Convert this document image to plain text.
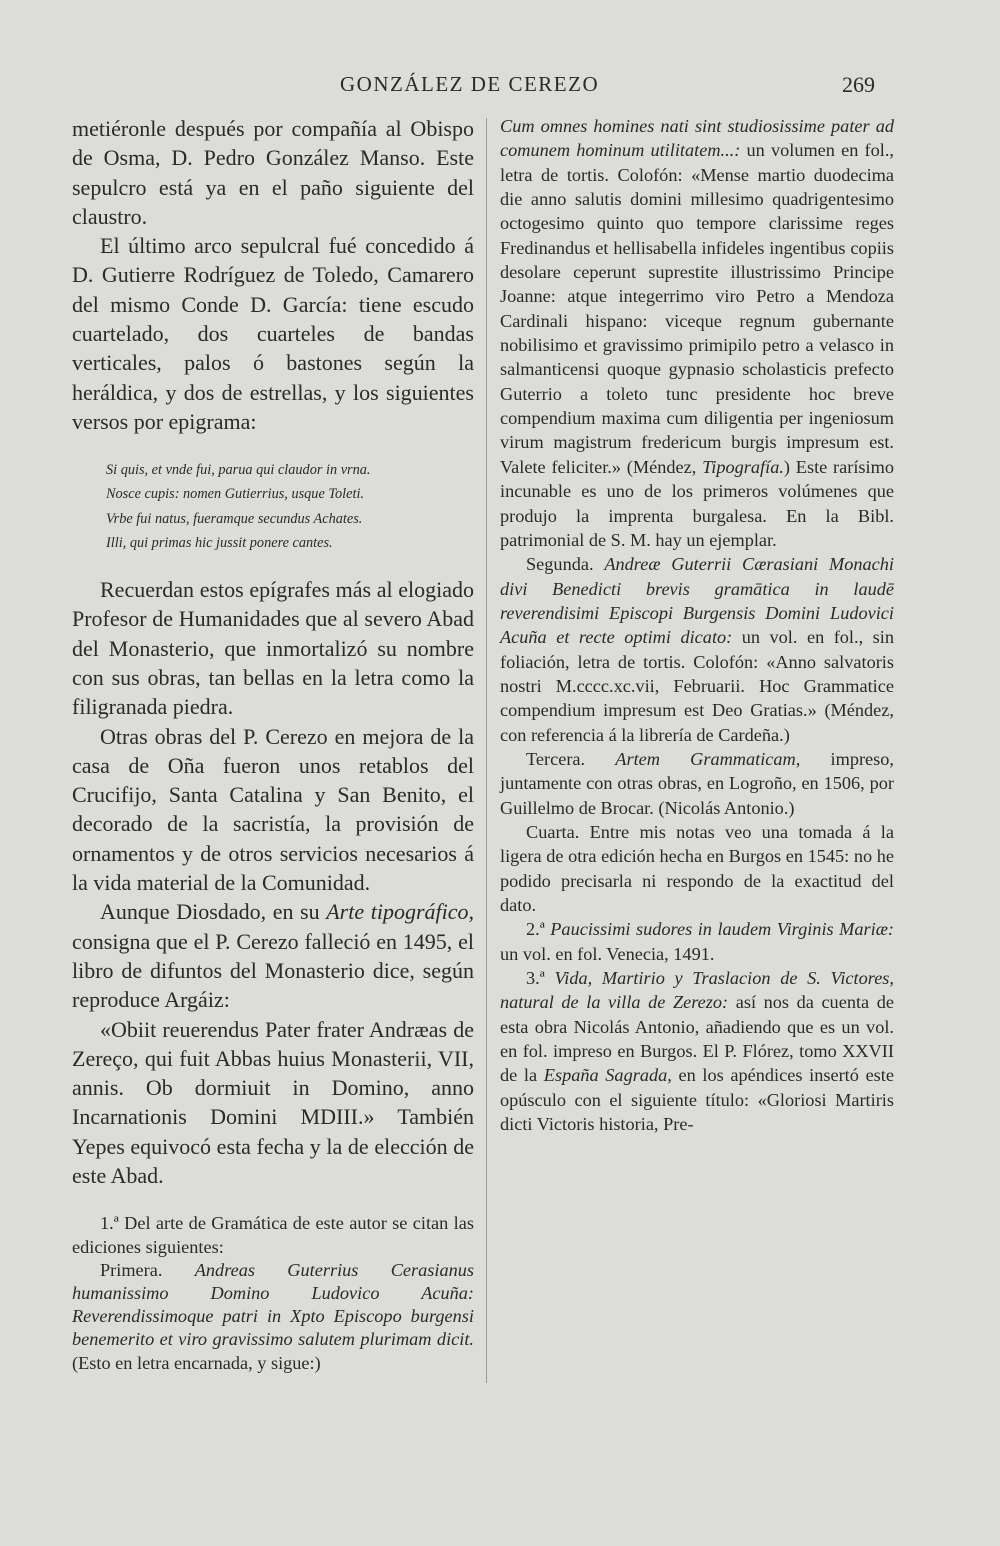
GONZÁLEZ DE CEREZO	269

metiéronle después por compañía al Obispo de Osma, D. Pedro González Manso. Este sepulcro está ya en el paño siguiente del claustro.

El último arco sepulcral fué concedido á D. Gutierre Rodríguez de Toledo, Camarero del mismo Conde D. García: tiene escudo cuartelado, dos cuarteles de bandas verticales, palos ó bastones según la heráldica, y dos de estrellas, y los siguientes versos por epigrama:

Si quis, et vnde fui, parua qui claudor in vrna.
Nosce cupis: nomen Gutierrius, usque Toleti.
Vrbe fui natus, fueramque secundus Achates.
Illi, qui primas hic jussit ponere cantes.

Recuerdan estos epígrafes más al elogiado Profesor de Humanidades que al severo Abad del Monasterio, que inmortalizó su nombre con sus obras, tan bellas en la letra como la filigranada piedra.

Otras obras del P. Cerezo en mejora de la casa de Oña fueron unos retablos del Crucifijo, Santa Catalina y San Benito, el decorado de la sacristía, la provisión de ornamentos y de otros servicios necesarios á la vida material de la Comunidad.

Aunque Diosdado, en su Arte tipográfico, consigna que el P. Cerezo falleció en 1495, el libro de difuntos del Monasterio dice, según reproduce Argáiz:

«Obiit reuerendus Pater frater Andræas de Zereço, qui fuit Abbas huius Monasterii, VII, annis. Ob dormiuit in Domino, anno Incarnationis Domini MDIII.» También Yepes equivocó esta fecha y la de elección de este Abad.

1.ª Del arte de Gramática de este autor se citan las ediciones siguientes:

Primera. Andreas Guterrius Cerasianus humanissimo Domino Ludovico Acuña: Reverendissimoque patri in Xpto Episcopo burgensi benemerito et viro gravissimo salutem plurimam dicit. (Esto en letra encarnada, y sigue:)

Cum omnes homines nati sint studiosissime pater ad comunem hominum utilitatem...: un volumen en fol., letra de tortis. Colofón: «Mense martio duodecima die anno salutis domini millesimo quadrigentesimo octogesimo quinto quo tempore clarissime reges Fredinandus et hellisabella infideles ingentibus copiis desolare ceperunt suprestite illustrissimo Principe Joanne: atque integerrimo viro Petro a Mendoza Cardinali hispano: viceque regnum gubernante nobilisimo et gravissimo primipilo petro a velasco in salmanticensi quoque gypnasio scholasticis prefecto Guterrio a toleto tunc presidente hoc breve compendium maxima cum diligentia per ingeniosum virum magistrum fredericum burgis impresum est. Valete feliciter.» (Méndez, Tipografía.) Este rarísimo incunable es uno de los primeros volúmenes que produjo la imprenta burgalesa. En la Bibl. patrimonial de S. M. hay un ejemplar.

Segunda. Andreæ Guterrii Cærasiani Monachi divi Benedicti brevis gramātica in laudē reverendisimi Episcopi Burgensis Domini Ludovici Acuña et recte optimi dicato: un vol. en fol., sin foliación, letra de tortis. Colofón: «Anno salvatoris nostri M.cccc.xc.vii, Februarii. Hoc Grammatice compendium impresum est Deo Gratias.» (Méndez, con referencia á la librería de Cardeña.)

Tercera. Artem Grammaticam, impreso, juntamente con otras obras, en Logroño, en 1506, por Guillelmo de Brocar. (Nicolás Antonio.)

Cuarta. Entre mis notas veo una tomada á la ligera de otra edición hecha en Burgos en 1545: no he podido precisarla ni respondo de la exactitud del dato.

2.ª Paucissimi sudores in laudem Virginis Mariæ: un vol. en fol. Venecia, 1491.

3.ª Vida, Martirio y Traslacion de S. Victores, natural de la villa de Zerezo: así nos da cuenta de esta obra Nicolás Antonio, añadiendo que es un vol. en fol. impreso en Burgos. El P. Flórez, tomo XXVII de la España Sagrada, en los apéndices insertó este opúsculo con el siguiente título: «Gloriosi Martiris dicti Victoris historia, Pre-
